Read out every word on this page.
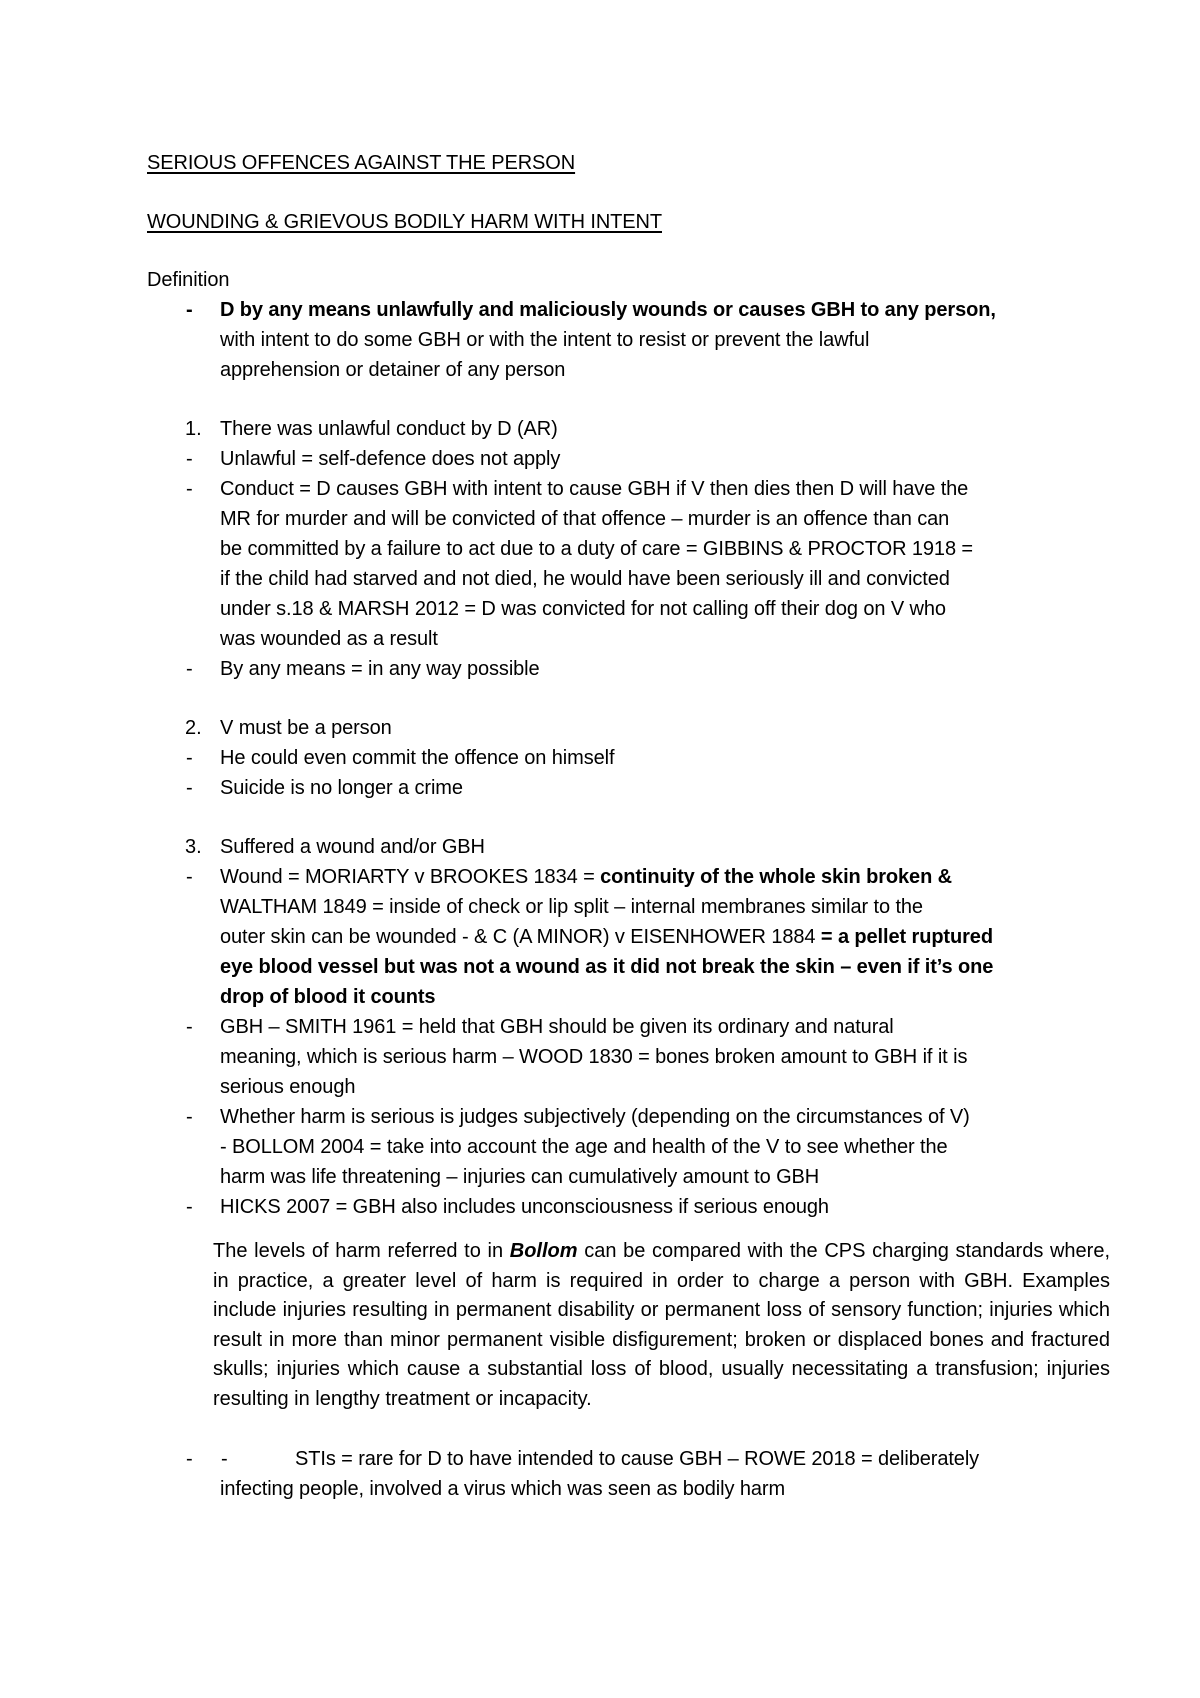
SERIOUS OFFENCES AGAINST THE PERSON

WOUNDING & GRIEVOUS BODILY HARM WITH INTENT

Definition

- D by any means unlawfully and maliciously wounds or causes GBH to any person,

with intent to do some GBH or with the intent to resist or prevent the lawful

apprehension or detainer of any person

1. There was unlawful conduct by D (AR)

- Unlawful = self-defence does not apply

- Conduct = D causes GBH with intent to cause GBH if V then dies then D will have the

MR for murder and will be convicted of that offence – murder is an offence than can

be committed by a failure to act due to a duty of care = GIBBINS & PROCTOR 1918 =

if the child had starved and not died, he would have been seriously ill and convicted

under s.18 & MARSH 2012 = D was convicted for not calling off their dog on V who

was wounded as a result

- By any means = in any way possible

2. V must be a person

- He could even commit the offence on himself

- Suicide is no longer a crime

3. Suffered a wound and/or GBH

- Wound = MORIARTY v BROOKES 1834 = continuity of the whole skin broken &

WALTHAM 1849 = inside of check or lip split – internal membranes similar to the

outer skin can be wounded - & C (A MINOR) v EISENHOWER 1884 = a pellet ruptured

eye blood vessel but was not a wound as it did not break the skin – even if it’s one

drop of blood it counts

- GBH – SMITH 1961 = held that GBH should be given its ordinary and natural

meaning, which is serious harm – WOOD 1830 = bones broken amount to GBH if it is

serious enough

- Whether harm is serious is judges subjectively (depending on the circumstances of V)

- BOLLOM 2004 = take into account the age and health of the V to see whether the

harm was life threatening – injuries can cumulatively amount to GBH

- HICKS 2007 = GBH also includes unconsciousness if serious enough

The levels of harm referred to in Bollom can be compared with the CPS charging standards where, in practice, a greater level of harm is required in order to charge a person with GBH. Examples include injuries resulting in permanent disability or permanent loss of sensory function; injuries which result in more than minor permanent visible disfigurement; broken or displaced bones and fractured skulls; injuries which cause a substantial loss of blood, usually necessitating a transfusion; injuries resulting in lengthy treatment or incapacity.

- -	STIs = rare for D to have intended to cause GBH – ROWE 2018 = deliberately

infecting people, involved a virus which was seen as bodily harm
